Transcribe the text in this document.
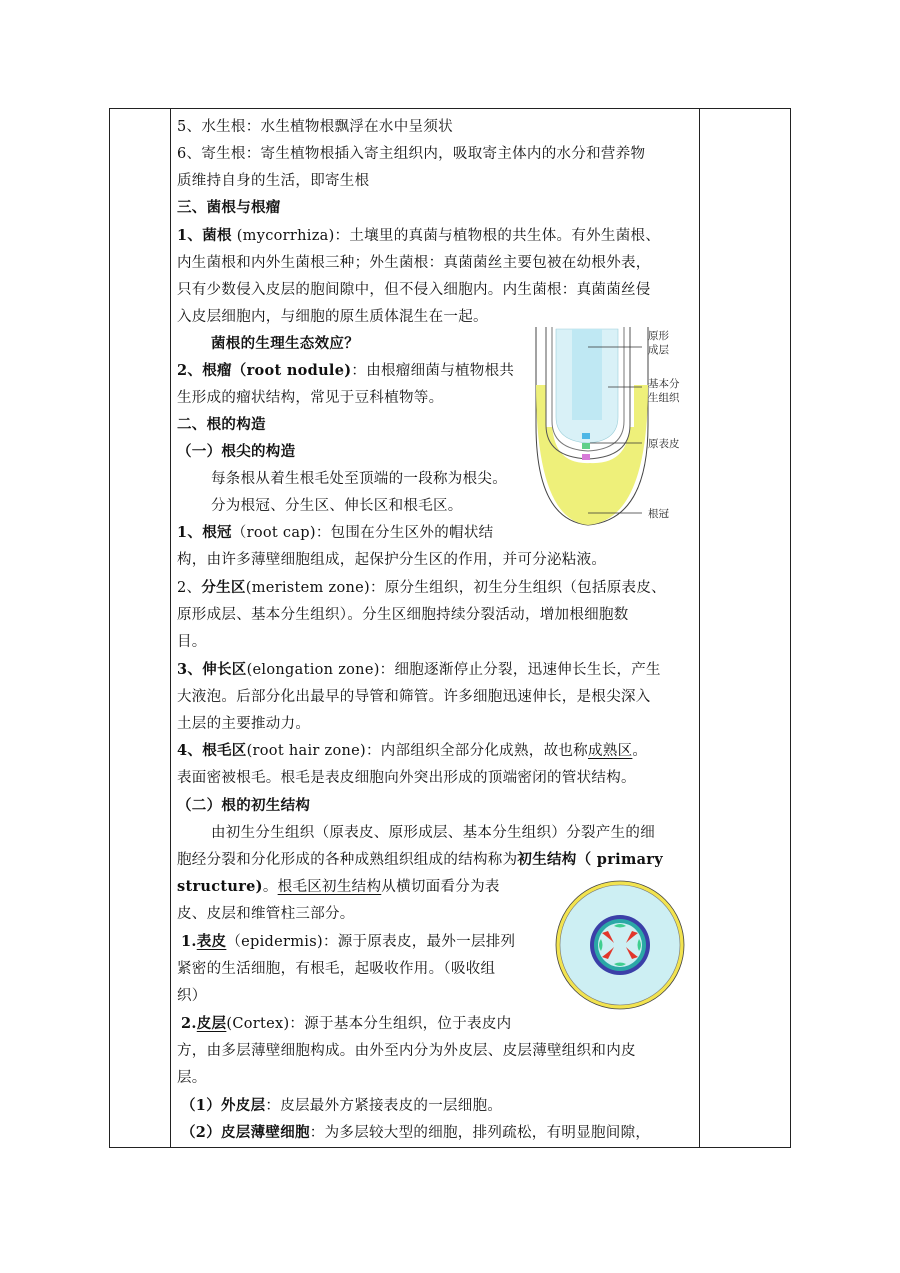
5、水生根：水生植物根飘浮在水中呈须状
6、寄生根：寄生植物根插入寄主组织内，吸取寄主体内的水分和营养物
质维持自身的生活，即寄生根
三、菌根与根瘤
1、菌根 (mycorrhiza)：土壤里的真菌与植物根的共生体。有外生菌根、
内生菌根和内外生菌根三种；外生菌根：真菌菌丝主要包被在幼根外表，
只有少数侵入皮层的胞间隙中，但不侵入细胞内。内生菌根：真菌菌丝侵
入皮层细胞内，与细胞的原生质体混生在一起。
菌根的生理生态效应？
2、根瘤（root nodule)：由根瘤细菌与植物根共
生形成的瘤状结构，常见于豆科植物等。
二、根的构造
（一）根尖的构造
每条根从着生根毛处至顶端的一段称为根尖。
分为根冠、分生区、伸长区和根毛区。
1、根冠（root cap)：包围在分生区外的帽状结
构，由许多薄壁细胞组成，起保护分生区的作用，并可分泌粘液。
2、分生区(meristem zone)：原分生组织，初生分生组织（包括原表皮、
原形成层、基本分生组织）。分生区细胞持续分裂活动，增加根细胞数
目。
3、伸长区(elongation zone)：细胞逐渐停止分裂，迅速伸长生长，产生
大液泡。后部分化出最早的导管和筛管。许多细胞迅速伸长，是根尖深入
土层的主要推动力。
4、根毛区(root hair zone)：内部组织全部分化成熟，故也称成熟区。
表面密被根毛。根毛是表皮细胞向外突出形成的顶端密闭的管状结构。
（二）根的初生结构
由初生分生组织（原表皮、原形成层、基本分生组织）分裂产生的细
胞经分裂和分化形成的各种成熟组织组成的结构称为初生结构（ primary
structure)。根毛区初生结构从横切面看分为表
皮、皮层和维管柱三部分。
1.表皮（epidermis)：源于原表皮，最外一层排列
紧密的生活细胞，有根毛，起吸收作用。（吸收组
织）
2.皮层(Cortex)：源于基本分生组织，位于表皮内
方，由多层薄壁细胞构成。由外至内分为外皮层、皮层薄壁组织和内皮
层。
（1）外皮层：皮层最外方紧接表皮的一层细胞。
（2）皮层薄壁细胞：为多层较大型的细胞，排列疏松，有明显胞间隙，
原形
成层
基本分
生组织
原表皮
根冠
